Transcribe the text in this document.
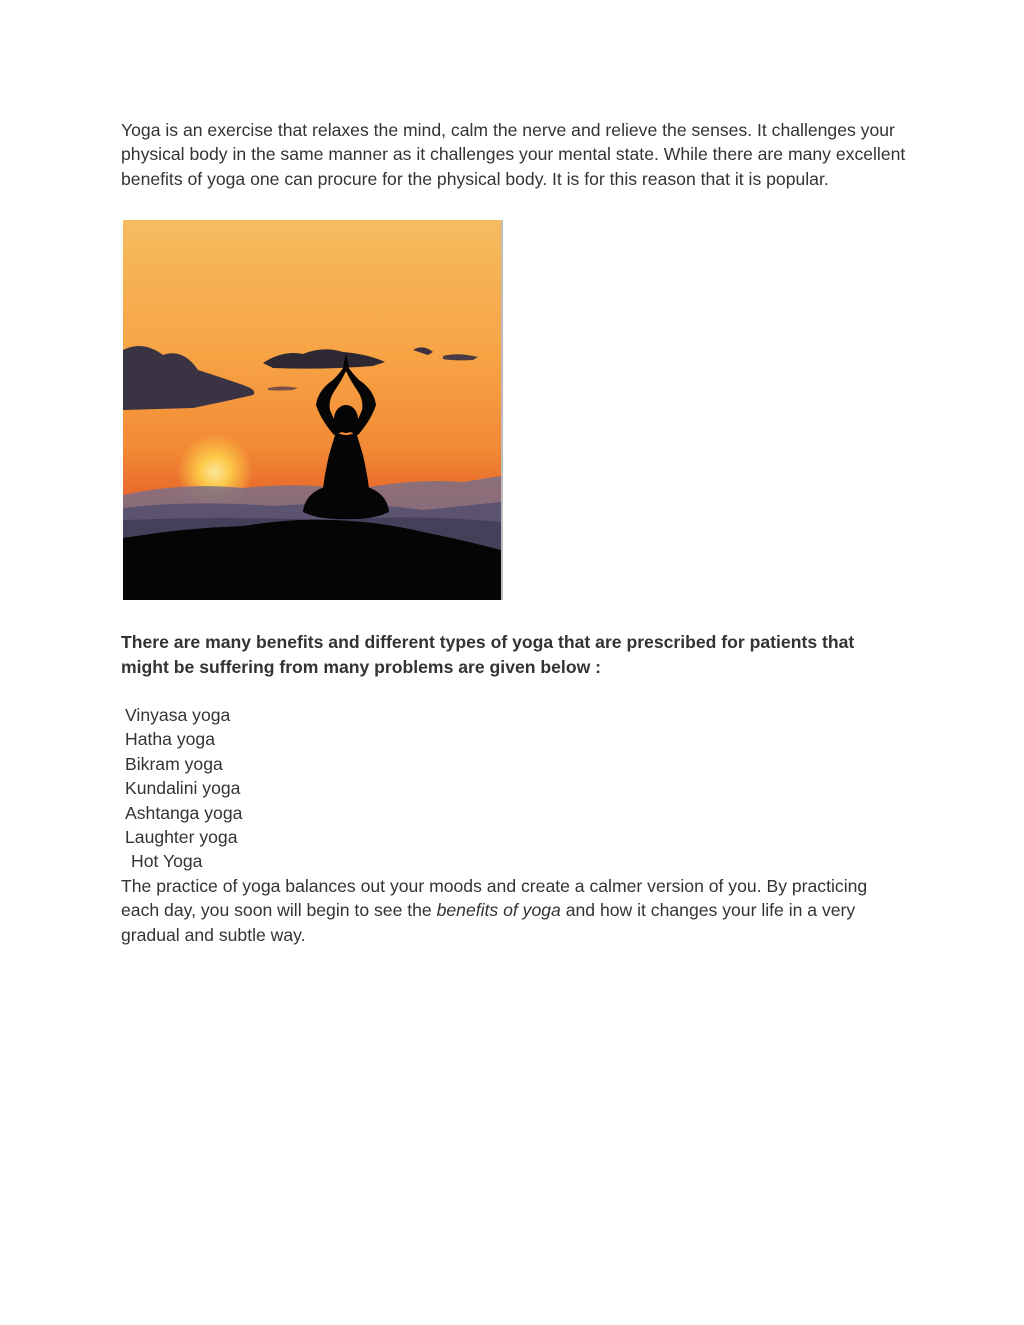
Yoga is an exercise that relaxes the mind, calm the nerve and relieve the senses. It challenges your physical body in the same manner as it challenges your mental state. While there are many excellent benefits of yoga one can procure for the physical body. It is for this reason that it is popular.

There are many benefits and different types of yoga that are prescribed for patients that might be suffering from many problems are given below :

Vinyasa yoga
Hatha yoga
Bikram yoga
Kundalini yoga
Ashtanga yoga
Laughter yoga
Hot Yoga

The practice of yoga balances out your moods and create a calmer version of you. By practicing each day, you soon will begin to see the benefits of yoga and how it changes your life in a very gradual and subtle way.
